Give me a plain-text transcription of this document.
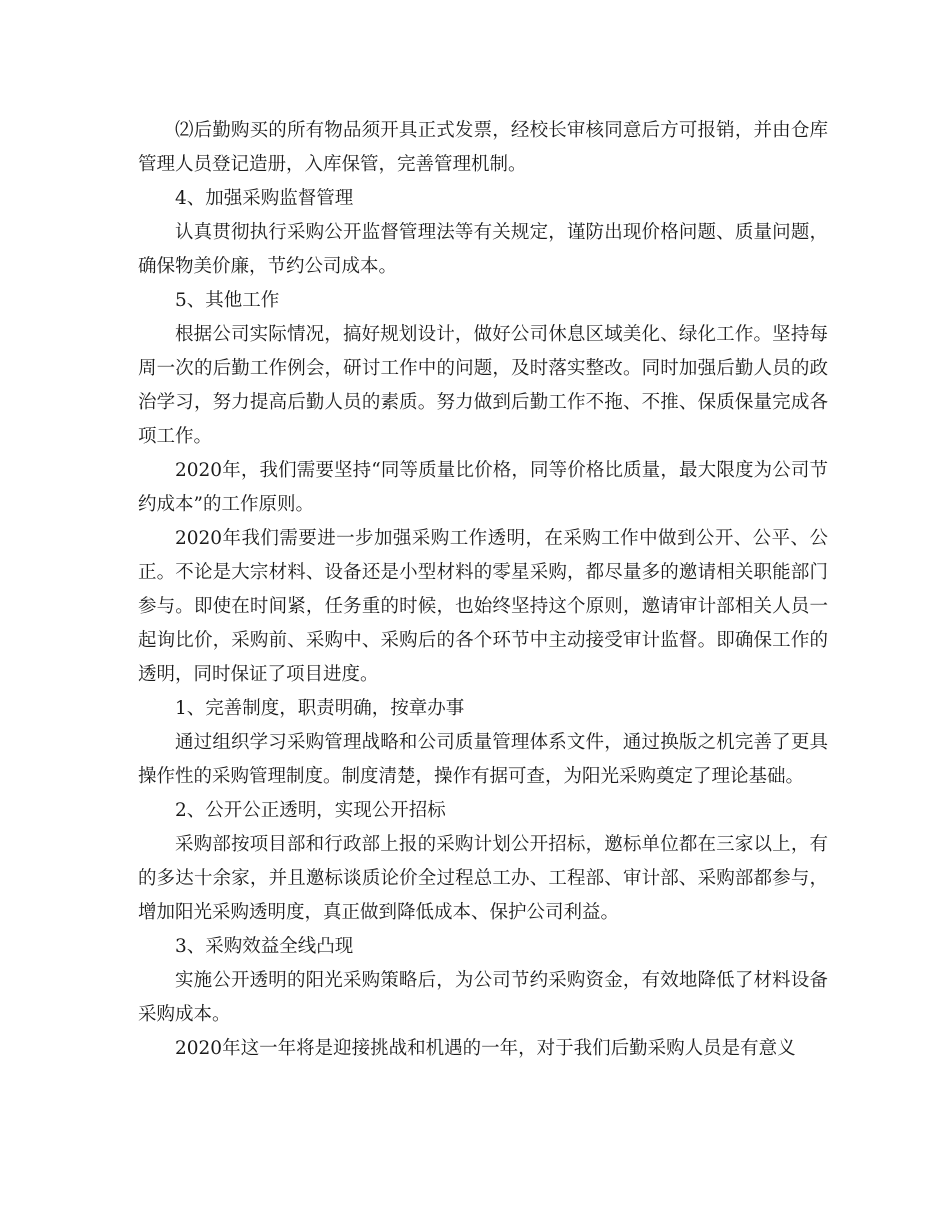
⑵后勤购买的所有物品须开具正式发票，经校长审核同意后方可报销，并由仓库管理人员登记造册，入库保管，完善管理机制。

4、加强采购监督管理

认真贯彻执行采购公开监督管理法等有关规定，谨防出现价格问题、质量问题，确保物美价廉，节约公司成本。

5、其他工作

根据公司实际情况，搞好规划设计，做好公司休息区域美化、绿化工作。坚持每周一次的后勤工作例会，研讨工作中的问题，及时落实整改。同时加强后勤人员的政治学习，努力提高后勤人员的素质。努力做到后勤工作不拖、不推、保质保量完成各项工作。

2020年，我们需要坚持“同等质量比价格，同等价格比质量，最大限度为公司节约成本”的工作原则。

2020年我们需要进一步加强采购工作透明，在采购工作中做到公开、公平、公正。不论是大宗材料、设备还是小型材料的零星采购，都尽量多的邀请相关职能部门参与。即使在时间紧，任务重的时候，也始终坚持这个原则，邀请审计部相关人员一起询比价，采购前、采购中、采购后的各个环节中主动接受审计监督。即确保工作的透明，同时保证了项目进度。

1、完善制度，职责明确，按章办事

通过组织学习采购管理战略和公司质量管理体系文件，通过换版之机完善了更具操作性的采购管理制度。制度清楚，操作有据可查，为阳光采购奠定了理论基础。

2、公开公正透明，实现公开招标

采购部按项目部和行政部上报的采购计划公开招标，邀标单位都在三家以上，有的多达十余家，并且邀标谈质论价全过程总工办、工程部、审计部、采购部都参与，增加阳光采购透明度，真正做到降低成本、保护公司利益。

3、采购效益全线凸现

实施公开透明的阳光采购策略后，为公司节约采购资金，有效地降低了材料设备采购成本。

2020年这一年将是迎接挑战和机遇的一年，对于我们后勤采购人员是有意义
